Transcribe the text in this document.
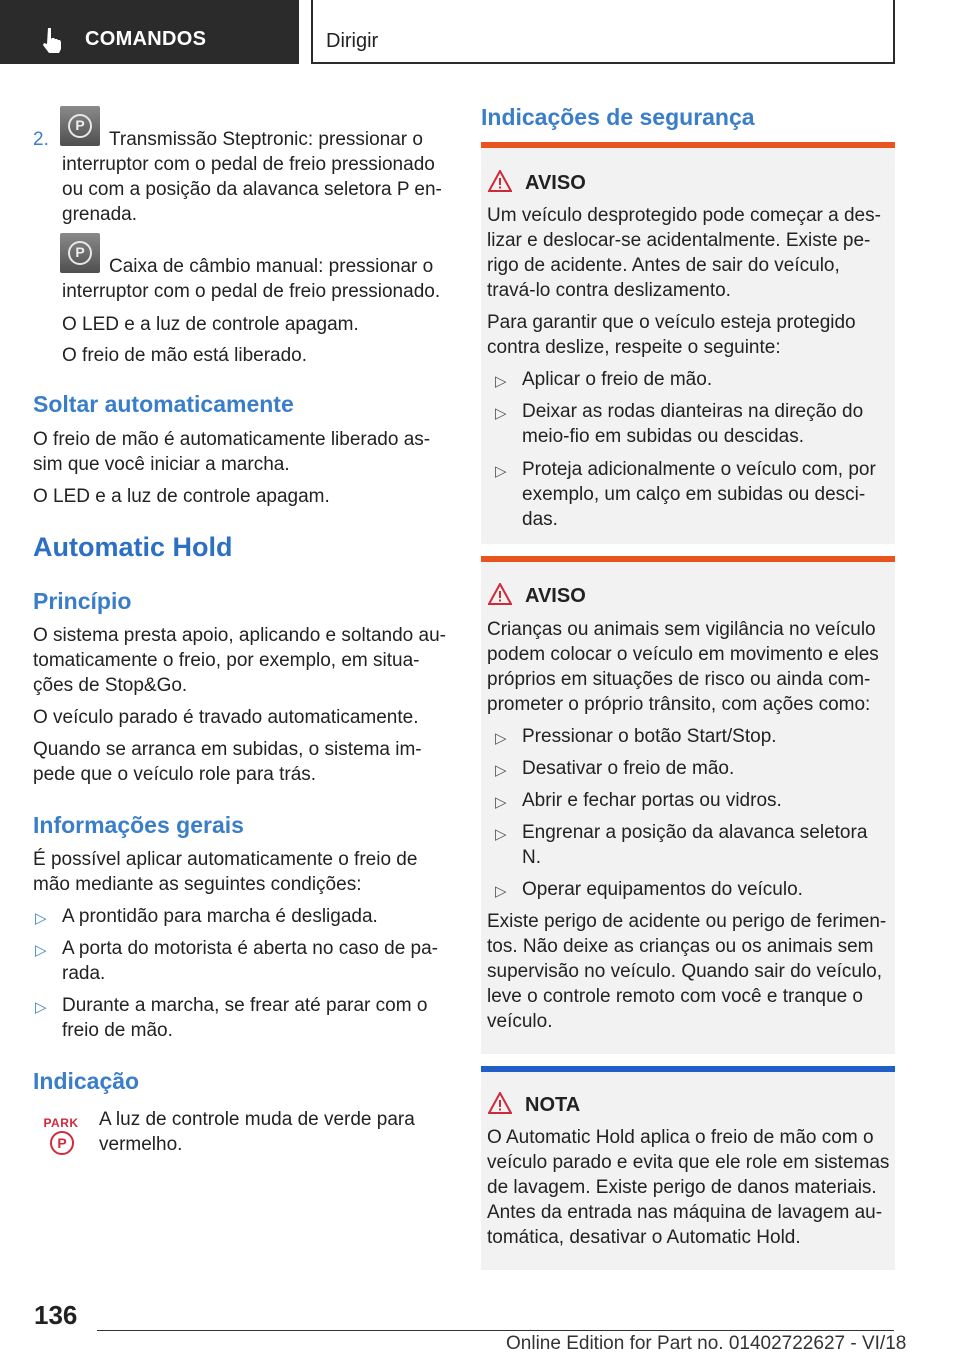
COMANDOS	Dirigir
2.
P
Transmissão Steptronic: pressionar o
interruptor com o pedal de freio pressionado
ou com a posição da alavanca seletora P en-
grenada.
P
Caixa de câmbio manual: pressionar o
interruptor com o pedal de freio pressionado.
O LED e a luz de controle apagam.
O freio de mão está liberado.
Soltar automaticamente
O freio de mão é automaticamente liberado as-
sim que você iniciar a marcha.
O LED e a luz de controle apagam.
Automatic Hold
Princípio
O sistema presta apoio, aplicando e soltando au-
tomaticamente o freio, por exemplo, em situa-
ções de Stop&Go.
O veículo parado é travado automaticamente.
Quando se arranca em subidas, o sistema im-
pede que o veículo role para trás.
Informações gerais
É possível aplicar automaticamente o freio de
mão mediante as seguintes condições:
▷ A prontidão para marcha é desligada.
▷ A porta do motorista é aberta no caso de pa-
rada.
▷ Durante a marcha, se frear até parar com o
freio de mão.
Indicação
PARK
P
A luz de controle muda de verde para
vermelho.
Indicações de segurança
AVISO
Um veículo desprotegido pode começar a des-
lizar e deslocar-se acidentalmente. Existe pe-
rigo de acidente. Antes de sair do veículo,
travá-lo contra deslizamento.
Para garantir que o veículo esteja protegido
contra deslize, respeite o seguinte:
▷ Aplicar o freio de mão.
▷ Deixar as rodas dianteiras na direção do
meio-fio em subidas ou descidas.
▷ Proteja adicionalmente o veículo com, por
exemplo, um calço em subidas ou desci-
das.
AVISO
Crianças ou animais sem vigilância no veículo
podem colocar o veículo em movimento e eles
próprios em situações de risco ou ainda com-
prometer o próprio trânsito, com ações como:
▷ Pressionar o botão Start/Stop.
▷ Desativar o freio de mão.
▷ Abrir e fechar portas ou vidros.
▷ Engrenar a posição da alavanca seletora
N.
▷ Operar equipamentos do veículo.
Existe perigo de acidente ou perigo de ferimen-
tos. Não deixe as crianças ou os animais sem
supervisão no veículo. Quando sair do veículo,
leve o controle remoto com você e tranque o
veículo.
NOTA
O Automatic Hold aplica o freio de mão com o
veículo parado e evita que ele role em sistemas
de lavagem. Existe perigo de danos materiais.
Antes da entrada nas máquina de lavagem au-
tomática, desativar o Automatic Hold.
136
Online Edition for Part no. 01402722627 - VI/18
